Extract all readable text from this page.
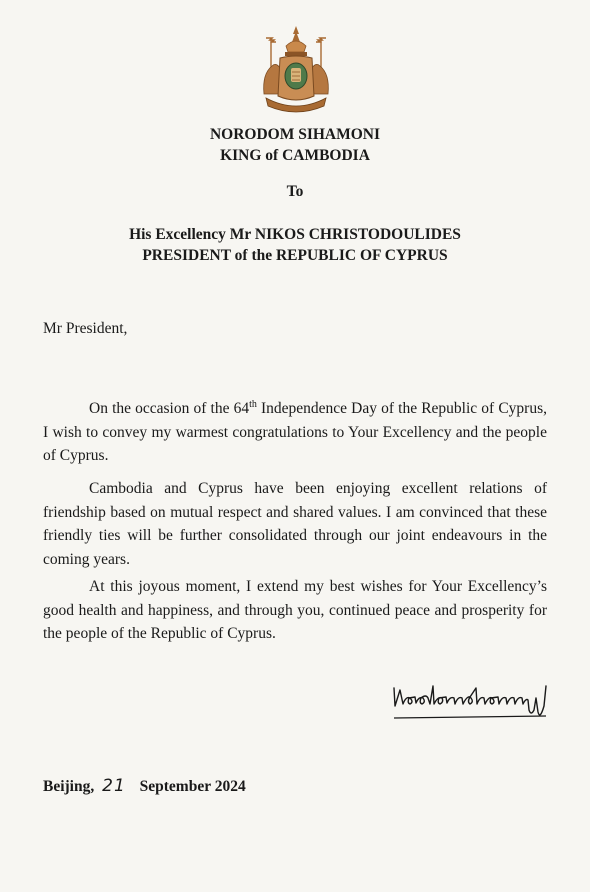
NORODOM SIHAMONI
KING of CAMBODIA
To
His Excellency Mr NIKOS CHRISTODOULIDES
PRESIDENT of the REPUBLIC OF CYPRUS
Mr President,

On the occasion of the 64th Independence Day of the Republic of Cyprus, I wish to convey my warmest congratulations to Your Excellency and the people of Cyprus.

Cambodia and Cyprus have been enjoying excellent relations of friendship based on mutual respect and shared values. I am convinced that these friendly ties will be further consolidated through our joint endeavours in the coming years.

At this joyous moment, I extend my best wishes for Your Excellency’s good health and happiness, and through you, continued peace and prosperity for the people of the Republic of Cyprus.

Beijing, 21 September 2024
